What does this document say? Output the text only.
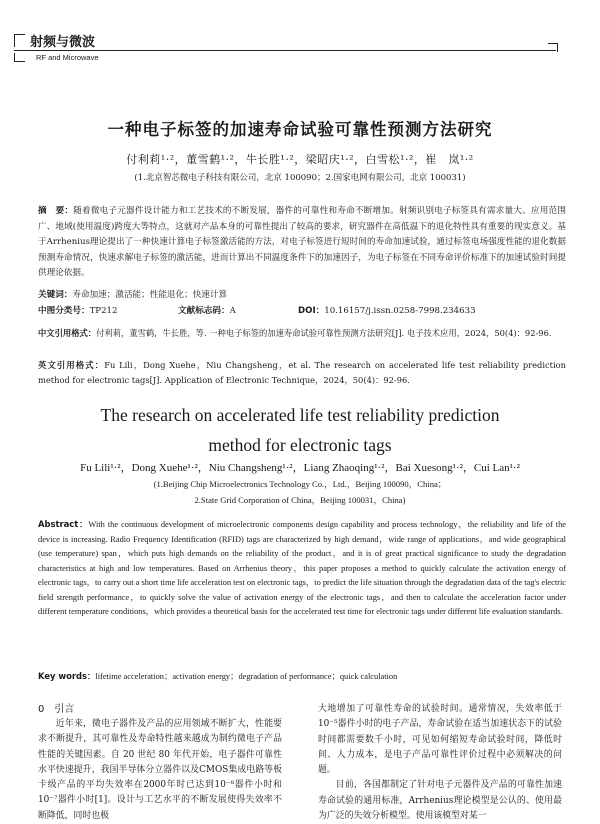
射频与微波
RF and Microwave
一种电子标签的加速寿命试验可靠性预测方法研究
付利莉¹·²，董雪鹤¹·²，牛长胜¹·²，梁昭庆¹·²，白雪松¹·²，崔　岚¹·²
(1.北京智芯微电子科技有限公司，北京 100090；2.国家电网有限公司，北京 100031)
摘　要：随着微电子元器件设计能力和工艺技术的不断发展，器件的可靠性和寿命不断增加。射频识别电子标签具有需求量大、应用范围广、地域(使用温度)跨度大等特点，这就对产品本身的可靠性提出了较高的要求，研究器件在高低温下的退化特性具有重要的现实意义。基于Arrhenius理论提出了一种快速计算电子标签激活能的方法，对电子标签进行短时间的寿命加速试验，通过标签电场强度性能的退化数据预测寿命情况，快速求解电子标签的激活能，进而计算出不同温度条件下的加速因子，为电子标签在不同寿命评价标准下的加速试验时间提供理论依据。
关键词：寿命加速；激活能；性能退化；快速计算
中图分类号：TP212	文献标志码：A	DOI：10.16157/j.issn.0258-7998.234633
中文引用格式：付利莉，董雪鹤，牛长胜，等. 一种电子标签的加速寿命试验可靠性预测方法研究[J]. 电子技术应用，2024，50(4)：92-96.
英文引用格式：Fu Lili，Dong Xuehe，Niu Changsheng，et al. The research on accelerated life test reliability prediction method for electronic tags[J]. Application of Electronic Technique，2024，50(4)：92-96.
The research on accelerated life test reliability prediction
method for electronic tags
Fu Lili¹·²，Dong Xuehe¹·²，Niu Changsheng¹·²，Liang Zhaoqing¹·²，Bai Xuesong¹·²，Cui Lan¹·²
Abstract：With the continuous development of microelectronic components design capability and process technology，the reliability and life of the device is increasing. Radio Frequency Identification (RFID) tags are characterized by high demand，wide range of applications，and wide geographical (use temperature) span，which puts high demands on the reliability of the product，and it is of great practical significance to study the degradation characteristics at high and low temperatures. Based on Arrhenius theory，this paper proposes a method to quickly calculate the activation energy of electronic tags，to carry out a short time life acceleration test on electronic tags，to predict the life situation through the degradation data of the tag's electric field strength performance，to quickly solve the value of activation energy of the electronic tags，and then to calculate the acceleration factor under different temperature conditions，which provides a theoretical basis for the accelerated test time for electronic tags under different life evaluation standards.
Key words：lifetime acceleration；activation energy；degradation of performance；quick calculation
0　引言

近年来，微电子器件及产品的应用领域不断扩大，性能要求不断提升，其可靠性及寿命特性越来越成为制约微电子产品性能的关键因素。自 20 世纪 80 年代开始，电子器件可靠性水平快速提升，我国半导体分立器件以及CMOS集成电路等板卡级产品的平均失效率在2000年时已达到10⁻⁸器件小时和10⁻⁷器件小时[1]。设计与工艺水平的不断发展使得失效率不断降低，同时也极

大地增加了可靠性寿命的试验时间。通常情况，失效率低于10⁻⁵器件小时的电子产品，寿命试验在适当加速状态下的试验时间都需要数千小时，可见如何缩短寿命试验时间，降低时间、人力成本，是电子产品可靠性评价过程中必须解决的问题。

目前，各国都制定了针对电子元器件及产品的可靠性加速寿命试验的通用标准，Arrhenius理论模型是公认的、使用最为广泛的失效分析模型。使用该模型对某一

(1.Beijing Chip Microelectronics Technology Co.，Ltd.，Beijing 100090，China；
2.State Grid Corporation of China，Beijing 100031，China)
